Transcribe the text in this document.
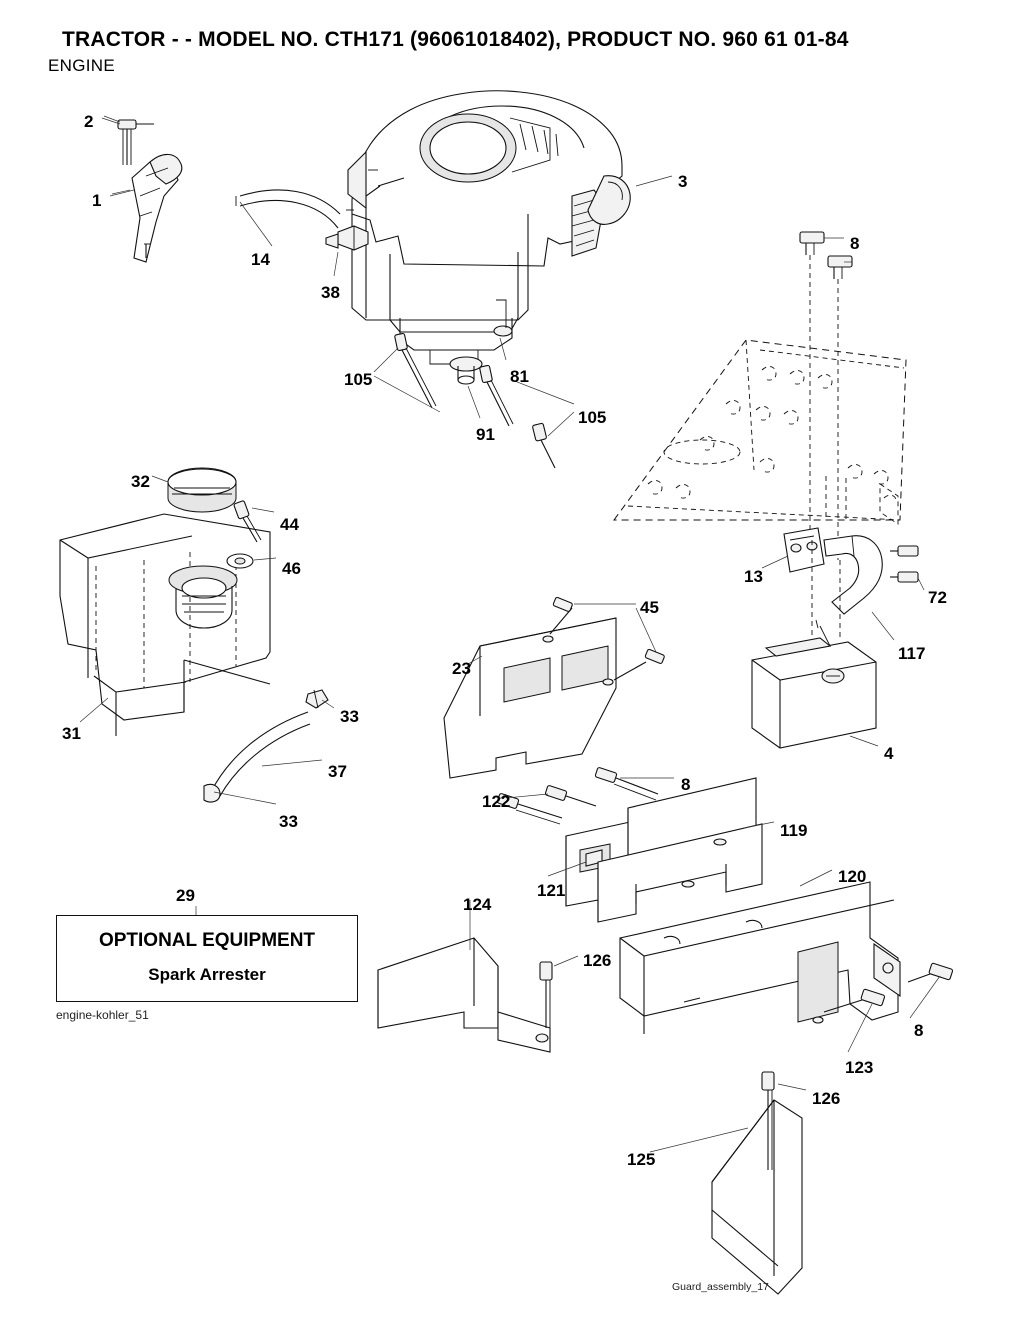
TRACTOR - - MODEL NO. CTH171 (96061018402), PRODUCT NO. 960 61 01-84
ENGINE
2
1
3
14
38
8
105	81
91
105
32
44
46	13
72
117
45
23
31
33
37
33
4
8
122
119
120
121
124
126
8
123
126
125
29
OPTIONAL EQUIPMENT
Spark Arrester
engine-kohler_51
Guard_assembly_17
